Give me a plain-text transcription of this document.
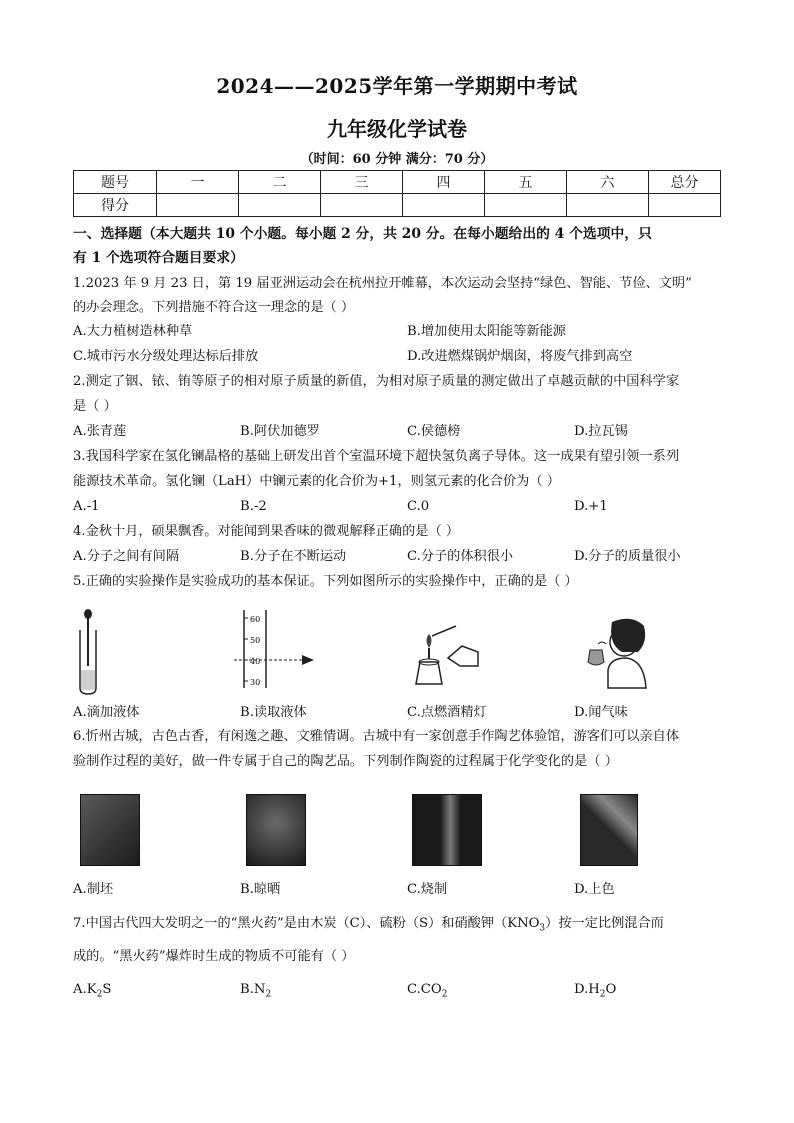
2024——2025学年第一学期期中考试
九年级化学试卷
（时间：60 分钟 满分：70 分）
题号	一	二	三	四	五	六	总分
得分							
一、选择题（本大题共 10 个小题。每小题 2 分，共 20 分。在每小题给出的 4 个选项中，只
有 1 个选项符合题目要求）
1.2023 年 9 月 23 日，第 19 届亚洲运动会在杭州拉开帷幕，本次运动会坚持“绿色、智能、节俭、文明”
的办会理念。下列措施不符合这一理念的是（ ）
A.大力植树造林种草	B.增加使用太阳能等新能源
C.城市污水分级处理达标后排放	D.改进燃煤锅炉烟囱，将废气排到高空
2.测定了铟、铱、铕等原子的相对原子质量的新值，为相对原子质量的测定做出了卓越贡献的中国科学家
是（ ）
A.张青莲	B.阿伏加德罗	C.侯德榜	D.拉瓦锡
3.我国科学家在氢化镧晶格的基础上研发出首个室温环境下超快氢负离子导体。这一成果有望引领一系列
能源技术革命。氢化镧（LaH）中镧元素的化合价为+1，则氢元素的化合价为（ ）
A.-1	B.-2	C.0	D.+1
4.金秋十月，硕果飘香。对能闻到果香味的微观解释正确的是（ ）
A.分子之间有间隔	B.分子在不断运动	C.分子的体积很小	D.分子的质量很小
5.正确的实验操作是实验成功的基本保证。下列如图所示的实验操作中，正确的是（ ）
60
50
40
30
A.滴加液体	B.读取液体	C.点燃酒精灯	D.闻气味
6.忻州古城，古色古香，有闲逸之趣、文雅情调。古城中有一家创意手作陶艺体验馆，游客们可以亲自体
验制作过程的美好，做一件专属于自己的陶艺品。下列制作陶瓷的过程属于化学变化的是（ ）
A.制坯	B.晾晒	C.烧制	D.上色
7.中国古代四大发明之一的“黑火药”是由木炭（C）、硫粉（S）和硝酸钾$(KNO_3)$按一定比例混合而
成的。“黑火药”爆炸时生成的物质不可能有（ ）
$A.K_2S$	$B.N_2$	$C.CO_2$	$D.H_2O$
